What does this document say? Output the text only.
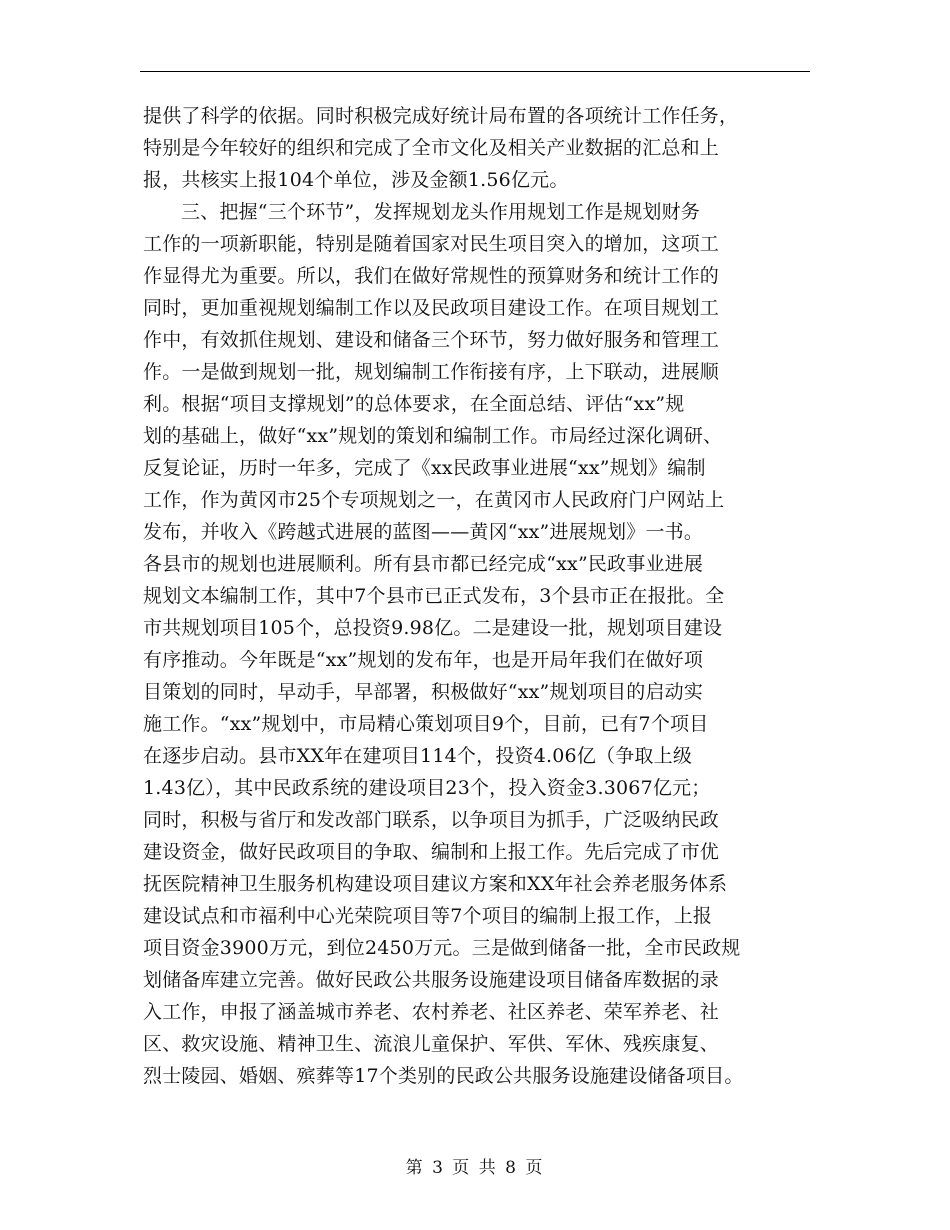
提供了科学的依据。同时积极完成好统计局布置的各项统计工作任务，
特别是今年较好的组织和完成了全市文化及相关产业数据的汇总和上
报，共核实上报104个单位，涉及金额1.56亿元。
三、把握“三个环节”，发挥规划龙头作用规划工作是规划财务
工作的一项新职能，特别是随着国家对民生项目突入的增加，这项工
作显得尤为重要。所以，我们在做好常规性的预算财务和统计工作的
同时，更加重视规划编制工作以及民政项目建设工作。在项目规划工
作中，有效抓住规划、建设和储备三个环节，努力做好服务和管理工
作。一是做到规划一批，规划编制工作衔接有序，上下联动，进展顺
利。根据“项目支撑规划”的总体要求，在全面总结、评估“xx”规
划的基础上，做好“xx”规划的策划和编制工作。市局经过深化调研、
反复论证，历时一年多，完成了《xx民政事业进展“xx”规划》编制
工作，作为黄冈市25个专项规划之一，在黄冈市人民政府门户网站上
发布，并收入《跨越式进展的蓝图——黄冈“xx”进展规划》一书。
各县市的规划也进展顺利。所有县市都已经完成“xx”民政事业进展
规划文本编制工作，其中7个县市已正式发布，3个县市正在报批。全
市共规划项目105个，总投资9.98亿。二是建设一批，规划项目建设
有序推动。今年既是“xx”规划的发布年，也是开局年我们在做好项
目策划的同时，早动手，早部署，积极做好“xx”规划项目的启动实
施工作。“xx”规划中，市局精心策划项目9个，目前，已有7个项目
在逐步启动。县市XX年在建项目114个，投资4.06亿（争取上级
1.43亿），其中民政系统的建设项目23个，投入资金3.3067亿元；
同时，积极与省厅和发改部门联系，以争项目为抓手，广泛吸纳民政
建设资金，做好民政项目的争取、编制和上报工作。先后完成了市优
抚医院精神卫生服务机构建设项目建议方案和XX年社会养老服务体系
建设试点和市福利中心光荣院项目等7个项目的编制上报工作，上报
项目资金3900万元，到位2450万元。三是做到储备一批，全市民政规
划储备库建立完善。做好民政公共服务设施建设项目储备库数据的录
入工作，申报了涵盖城市养老、农村养老、社区养老、荣军养老、社
区、救灾设施、精神卫生、流浪儿童保护、军供、军休、残疾康复、
烈士陵园、婚姻、殡葬等17个类别的民政公共服务设施建设储备项目。
第 3 页 共 8 页
